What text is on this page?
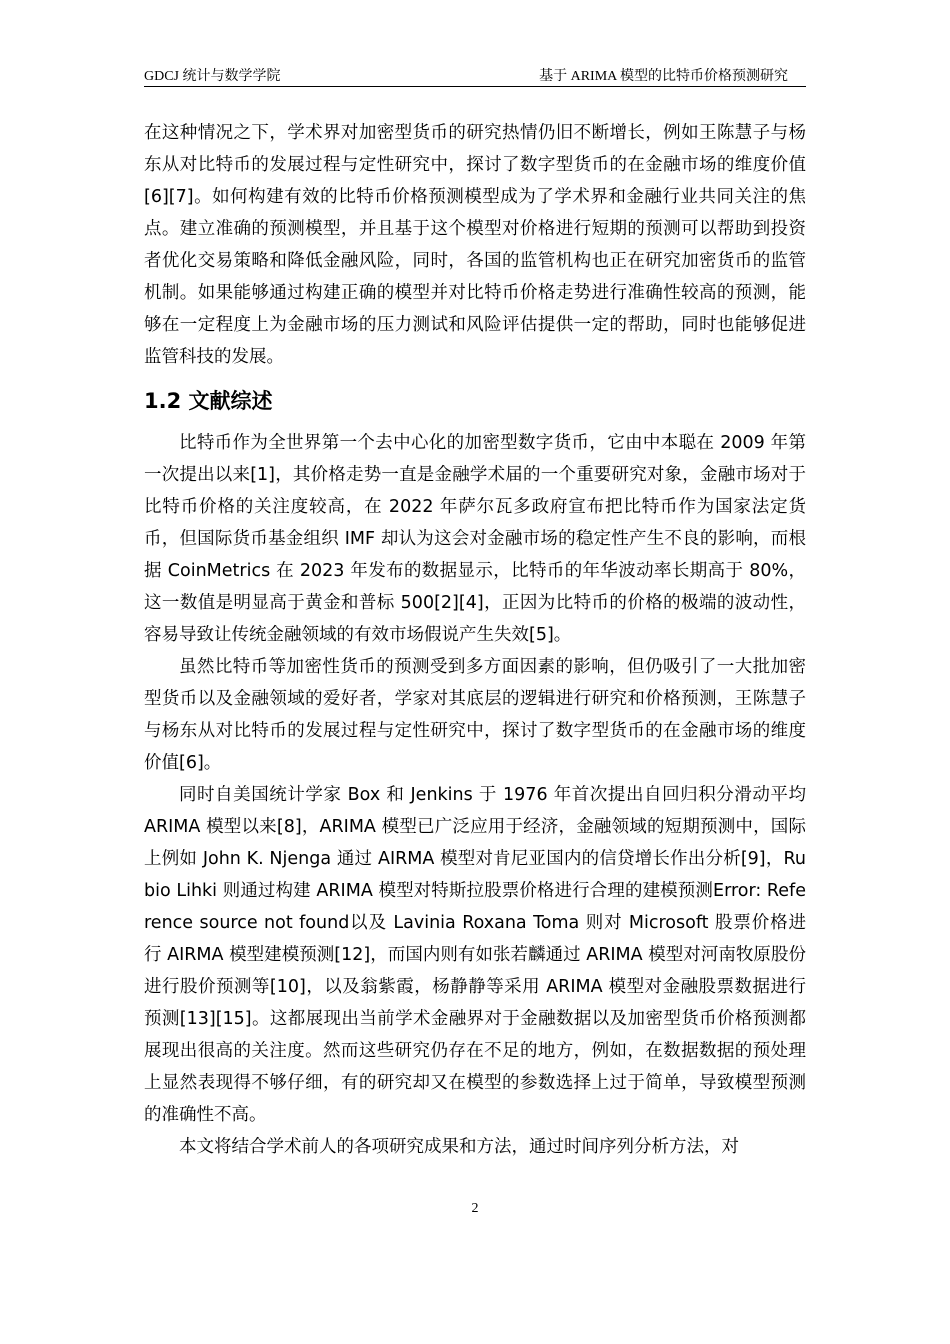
GDCJ 统计与数学学院	基于 ARIMA 模型的比特币价格预测研究

在这种情况之下，学术界对加密型货币的研究热情仍旧不断增长，例如王陈慧子与杨东从对比特币的发展过程与定性研究中，探讨了数字型货币的在金融市场的维度价值[6][7]。如何构建有效的比特币价格预测模型成为了学术界和金融行业共同关注的焦点。建立准确的预测模型，并且基于这个模型对价格进行短期的预测可以帮助到投资者优化交易策略和降低金融风险，同时，各国的监管机构也正在研究加密货币的监管机制。如果能够通过构建正确的模型并对比特币价格走势进行准确性较高的预测，能够在一定程度上为金融市场的压力测试和风险评估提供一定的帮助，同时也能够促进监管科技的发展。

1.2 文献综述

比特币作为全世界第一个去中心化的加密型数字货币，它由中本聪在 2009 年第一次提出以来[1]，其价格走势一直是金融学术届的一个重要研究对象，金融市场对于比特币价格的关注度较高，在 2022 年萨尔瓦多政府宣布把比特币作为国家法定货币，但国际货币基金组织 IMF 却认为这会对金融市场的稳定性产生不良的影响，而根据 CoinMetrics 在 2023 年发布的数据显示，比特币的年华波动率长期高于 80%，这一数值是明显高于黄金和普标 500[2][4]，正因为比特币的价格的极端的波动性，容易导致让传统金融领域的有效市场假说产生失效[5]。

虽然比特币等加密性货币的预测受到多方面因素的影响，但仍吸引了一大批加密型货币以及金融领域的爱好者，学家对其底层的逻辑进行研究和价格预测，王陈慧子与杨东从对比特币的发展过程与定性研究中，探讨了数字型货币的在金融市场的维度价值[6]。

同时自美国统计学家 Box 和 Jenkins 于 1976 年首次提出自回归积分滑动平均 ARIMA 模型以来[8]，ARIMA 模型已广泛应用于经济，金融领域的短期预测中，国际上例如 John K. Njenga 通过 AIRMA 模型对肯尼亚国内的信贷增长作出分析[9]，Rubio Lihki 则通过构建 ARIMA 模型对特斯拉股票价格进行合理的建模预测Error: Reference source not found以及 Lavinia Roxana Toma 则对 Microsoft 股票价格进行 AIRMA 模型建模预测[12]，而国内则有如张若麟通过 ARIMA 模型对河南牧原股份进行股价预测等[10]，以及翁紫霞，杨静静等采用 ARIMA 模型对金融股票数据进行预测[13][15]。这都展现出当前学术金融界对于金融数据以及加密型货币价格预测都展现出很高的关注度。然而这些研究仍存在不足的地方，例如，在数据数据的预处理上显然表现得不够仔细，有的研究却又在模型的参数选择上过于简单，导致模型预测的准确性不高。

本文将结合学术前人的各项研究成果和方法，通过时间序列分析方法，对

2
